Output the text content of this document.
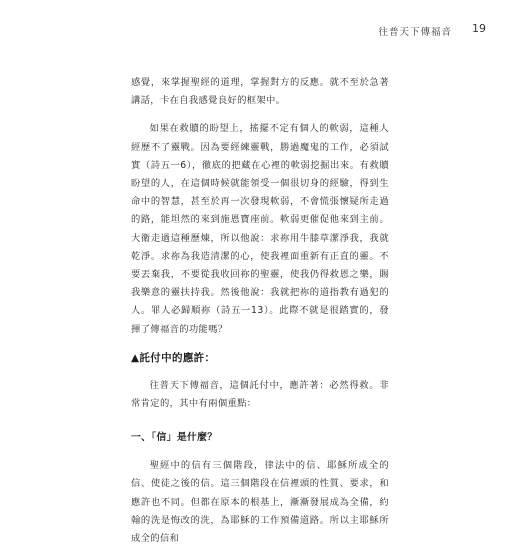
往普天下傳福音 19

感覺，來掌握聖經的道理，掌握對方的反應。就不至於急著講話，卡在自我感覺良好的框架中。

如果在救贖的盼望上，搖擺不定有個人的軟弱，這種人經歷不了靈戰。因為要經練靈戰，勝過魔鬼的工作，必須試實（詩五一6），徹底的把藏在心裡的軟弱挖掘出來。有救贖盼望的人，在這個時候就能領受一個很切身的經驗，得到生命中的智慧，甚至於再一次發現軟弱，不會慌張懷疑所走過的路，能坦然的來到施恩寶座前。軟弱更催促他來到主前。大衛走過這種歷煉，所以他說：求祢用牛膝草潔淨我，我就乾淨。求祢為我造清潔的心，使我裡面重新有正直的靈。不要丟棄我，不要從我收回祢的聖靈，使我仍得救恩之樂，賜我樂意的靈扶持我。然後他說：我就把祢的道指教有過犯的人。罪人必歸順祢（詩五一13）。此際不就是很踏實的，發揮了傳福音的功能嗎？

▲託付中的應許：

往普天下傳福音，這個託付中，應許著：必然得救。非常肯定的，其中有兩個重點：

一、「信」是什麼？

聖經中的信有三個階段，律法中的信、耶穌所成全的信、使徒之後的信。這三個階段在信裡頭的性質、要求，和應許也不同。但都在原本的根基上，漸漸發展成為全備，約翰的洗是悔改的洗，為耶穌的工作預備道路。所以主耶穌所成全的信和
